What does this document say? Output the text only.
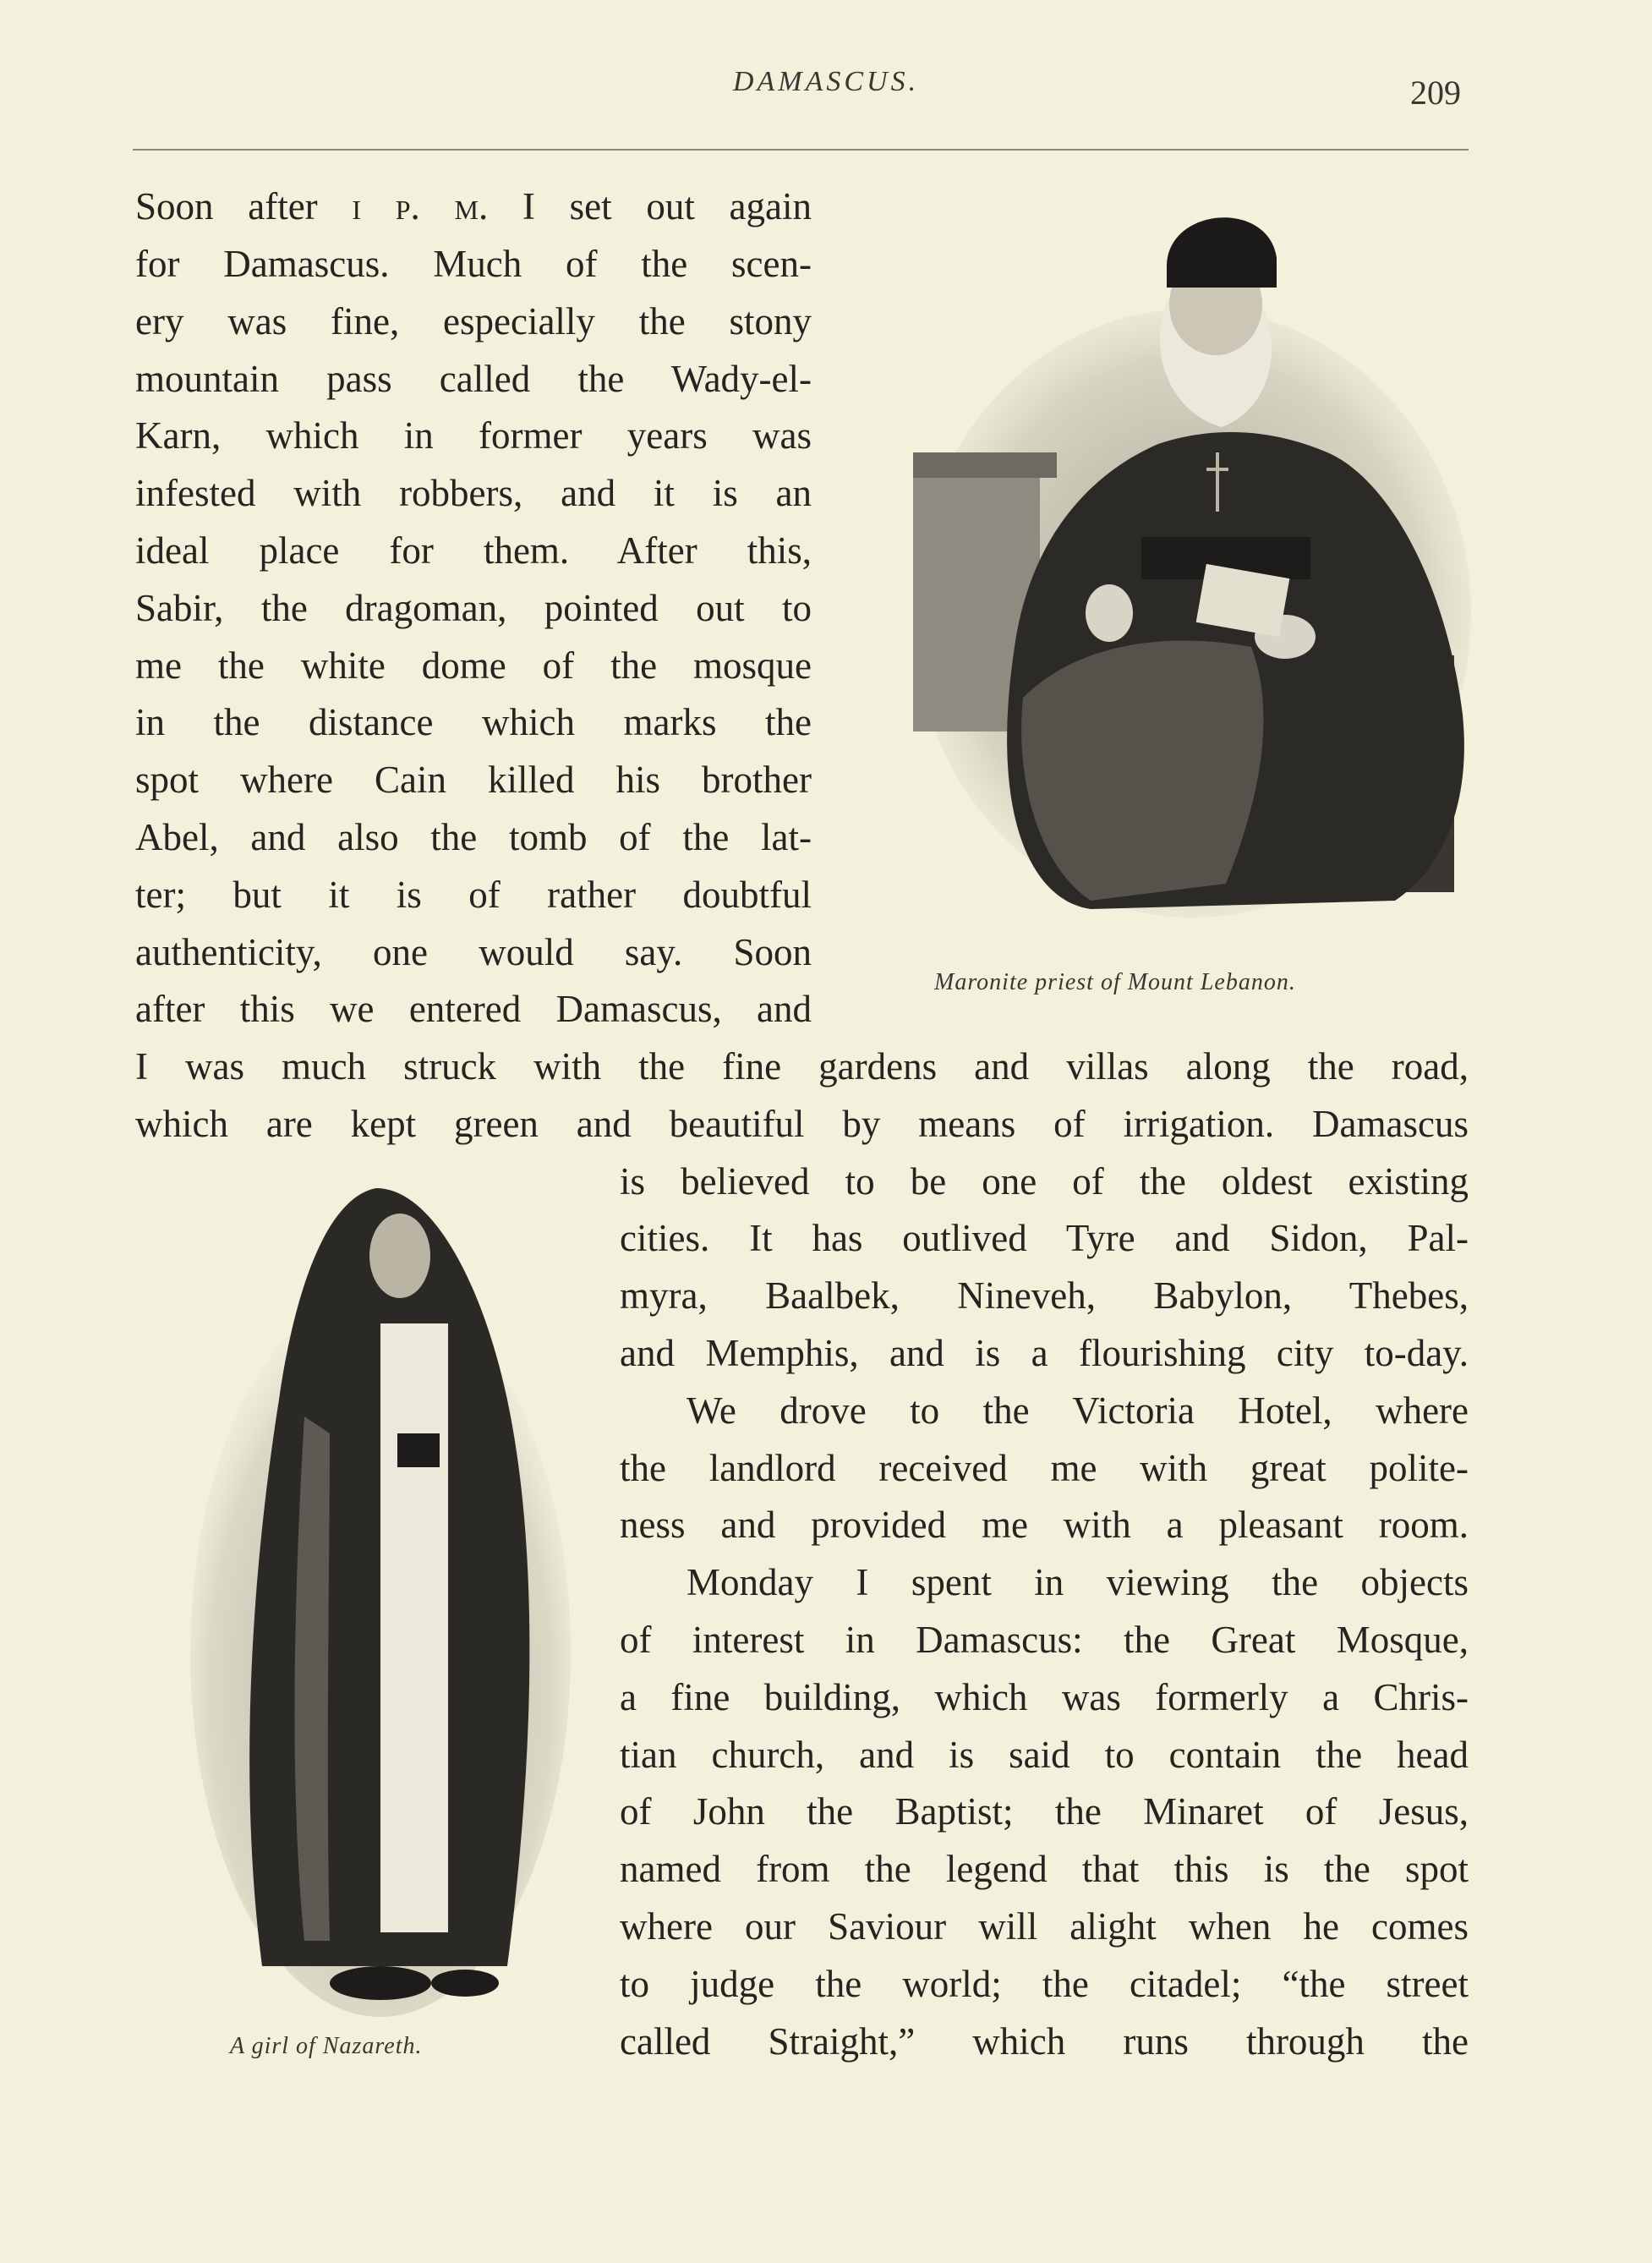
DAMASCUS.	209
Maronite priest of Mount Lebanon.
A girl of Nazareth.
Soon after i p. m. I set out again
for Damascus. Much of the scen-
ery was fine, especially the stony
mountain pass called the Wady-el-
Karn, which in former years was
infested with robbers, and it is an
ideal place for them. After this,
Sabir, the dragoman, pointed out to
me the white dome of the mosque
in the distance which marks the
spot where Cain killed his brother
Abel, and also the tomb of the lat-
ter; but it is of rather doubtful
authenticity, one would say. Soon
after this we entered Damascus, and
I was much struck with the fine gardens and villas along the road,
which are kept green and beautiful by means of irrigation. Damascus
is believed to be one of the oldest existing
cities. It has outlived Tyre and Sidon, Pal-
myra, Baalbek, Nineveh, Babylon, Thebes,
and Memphis, and is a flourishing city to-day.
We drove to the Victoria Hotel, where
the landlord received me with great polite-
ness and provided me with a pleasant room.
Monday I spent in viewing the objects
of interest in Damascus: the Great Mosque,
a fine building, which was formerly a Chris-
tian church, and is said to contain the head
of John the Baptist; the Minaret of Jesus,
named from the legend that this is the spot
where our Saviour will alight when he comes
to judge the world; the citadel; “the street
called Straight,” which runs through the
